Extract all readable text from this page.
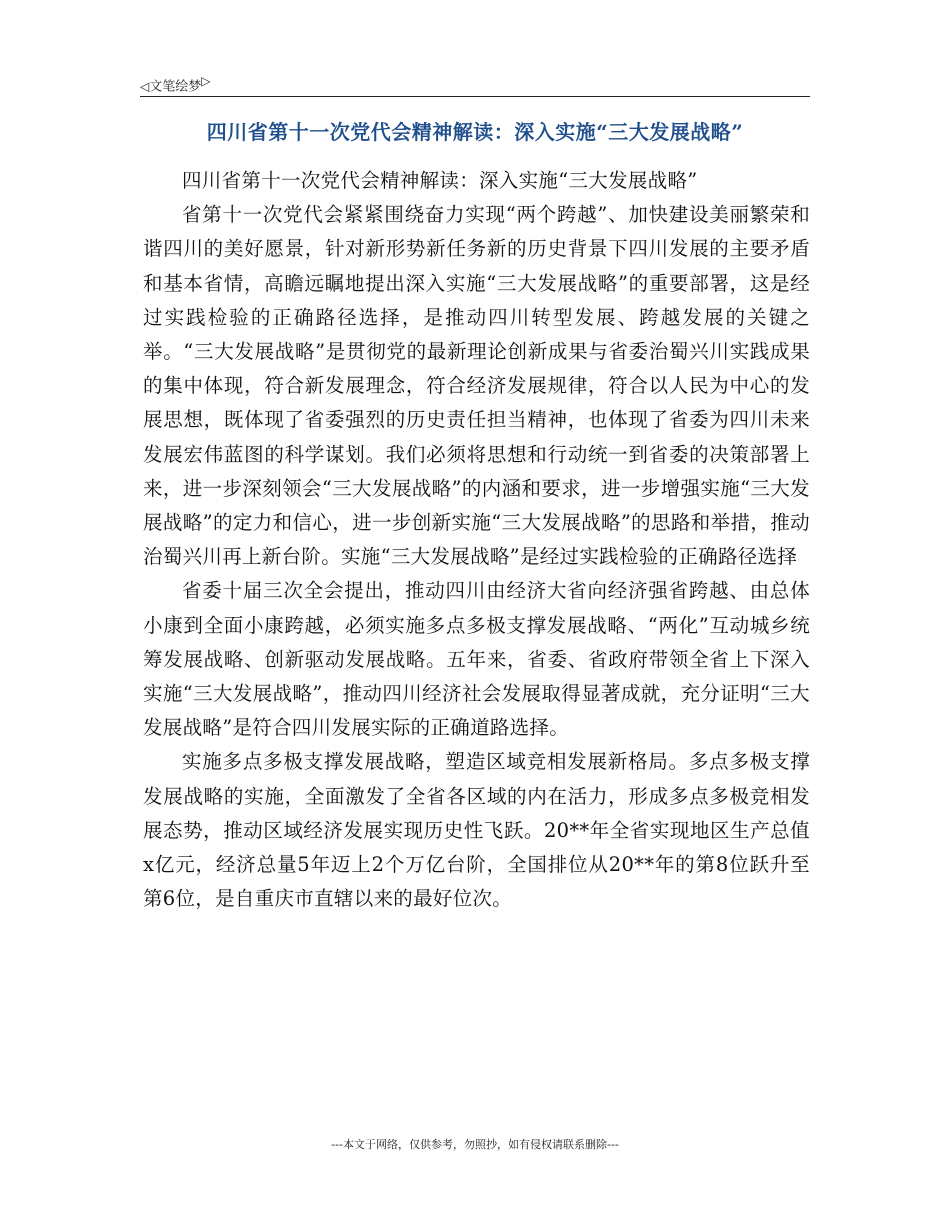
◁文笔绘梦▷
四川省第十一次党代会精神解读：深入实施“三大发展战略”

四川省第十一次党代会精神解读：深入实施“三大发展战略”

省第十一次党代会紧紧围绕奋力实现“两个跨越”、加快建设美丽繁荣和谐四川的美好愿景，针对新形势新任务新的历史背景下四川发展的主要矛盾和基本省情，高瞻远瞩地提出深入实施“三大发展战略”的重要部署，这是经过实践检验的正确路径选择，是推动四川转型发展、跨越发展的关键之举。“三大发展战略”是贯彻党的最新理论创新成果与省委治蜀兴川实践成果的集中体现，符合新发展理念，符合经济发展规律，符合以人民为中心的发展思想，既体现了省委强烈的历史责任担当精神，也体现了省委为四川未来发展宏伟蓝图的科学谋划。我们必须将思想和行动统一到省委的决策部署上来，进一步深刻领会“三大发展战略”的内涵和要求，进一步增强实施“三大发展战略”的定力和信心，进一步创新实施“三大发展战略”的思路和举措，推动治蜀兴川再上新台阶。实施“三大发展战略”是经过实践检验的正确路径选择

省委十届三次全会提出，推动四川由经济大省向经济强省跨越、由总体小康到全面小康跨越，必须实施多点多极支撑发展战略、“两化”互动城乡统筹发展战略、创新驱动发展战略。五年来，省委、省政府带领全省上下深入实施“三大发展战略”，推动四川经济社会发展取得显著成就，充分证明“三大发展战略”是符合四川发展实际的正确道路选择。

实施多点多极支撑发展战略，塑造区域竞相发展新格局。多点多极支撑发展战略的实施，全面激发了全省各区域的内在活力，形成多点多极竞相发展态势，推动区域经济发展实现历史性飞跃。20**年全省实现地区生产总值x亿元，经济总量5年迈上2个万亿台阶，全国排位从20**年的第8位跃升至第6位，是自重庆市直辖以来的最好位次。

---本文于网络，仅供参考，勿照抄，如有侵权请联系删除---
